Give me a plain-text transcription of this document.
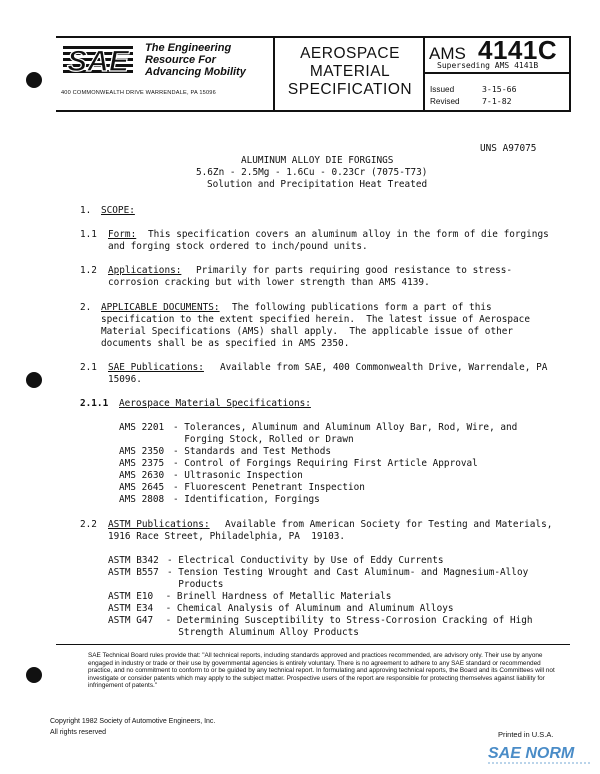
SAE The Engineering
Resource For
Advancing Mobility
400 COMMONWEALTH DRIVE WARRENDALE, PA 15096
AEROSPACE
MATERIAL
SPECIFICATION
AMS 4141C
Superseding AMS 4141B
Issued	3-15-66
Revised	7-1-82
UNS A97075
ALUMINUM ALLOY DIE FORGINGS
5.6Zn - 2.5Mg - 1.6Cu - 0.23Cr (7075-T73)
Solution and Precipitation Heat Treated
1. SCOPE:
1.1 Form: This specification covers an aluminum alloy in the form of die forgings
and forging stock ordered to inch/pound units.
1.2 Applications: Primarily for parts requiring good resistance to stress-
corrosion cracking but with lower strength than AMS 4139.
2. APPLICABLE DOCUMENTS: The following publications form a part of this
specification to the extent specified herein.  The latest issue of Aerospace
Material Specifications (AMS) shall apply.  The applicable issue of other
documents shall be as specified in AMS 2350.
2.1 SAE Publications: Available from SAE, 400 Commonwealth Drive, Warrendale, PA
15096.
2.1.1 Aerospace Material Specifications:
AMS 2201 - Tolerances, Aluminum and Aluminum Alloy Bar, Rod, Wire, and
Forging Stock, Rolled or Drawn
AMS 2350 - Standards and Test Methods
AMS 2375 - Control of Forgings Requiring First Article Approval
AMS 2630 - Ultrasonic Inspection
AMS 2645 - Fluorescent Penetrant Inspection
AMS 2808 - Identification, Forgings
2.2 ASTM Publications: Available from American Society for Testing and Materials,
1916 Race Street, Philadelphia, PA  19103.
ASTM B342 - Electrical Conductivity by Use of Eddy Currents
ASTM B557 - Tension Testing Wrought and Cast Aluminum- and Magnesium-Alloy
Products
ASTM E10 - Brinell Hardness of Metallic Materials
ASTM E34 - Chemical Analysis of Aluminum and Aluminum Alloys
ASTM G47 - Determining Susceptibility to Stress-Corrosion Cracking of High
Strength Aluminum Alloy Products
SAE Technical Board rules provide that: "All technical reports, including standards approved and practices recommended, are advisory only. Their use by anyone engaged in industry or trade or their use by governmental agencies is entirely voluntary. There is no agreement to adhere to any SAE standard or recommended practice, and no commitment to conform to or be guided by any technical report. In formulating and approving technical reports, the Board and its Committees will not investigate or consider patents which may apply to the subject matter. Prospective users of the report are responsible for protecting themselves against liability for infringement of patents."
Copyright 1982 Society of Automotive Engineers, Inc.
All rights reserved	Printed in U.S.A.
SAE NORM
